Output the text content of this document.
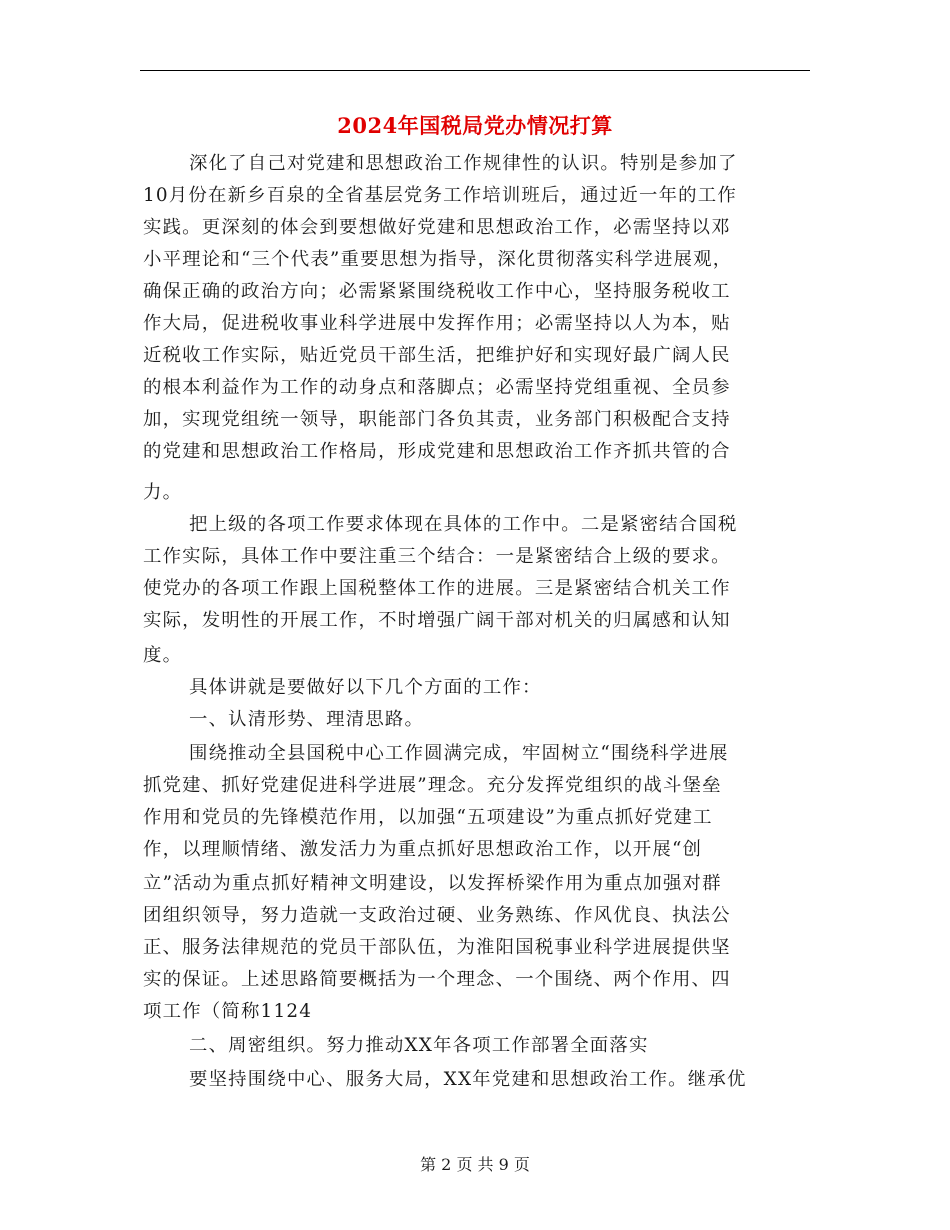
2024年国税局党办情况打算
深化了自己对党建和思想政治工作规律性的认识。特别是参加了
10月份在新乡百泉的全省基层党务工作培训班后，通过近一年的工作
实践。更深刻的体会到要想做好党建和思想政治工作，必需坚持以邓
小平理论和“三个代表”重要思想为指导，深化贯彻落实科学进展观，
确保正确的政治方向；必需紧紧围绕税收工作中心，坚持服务税收工
作大局，促进税收事业科学进展中发挥作用；必需坚持以人为本，贴
近税收工作实际，贴近党员干部生活，把维护好和实现好最广阔人民
的根本利益作为工作的动身点和落脚点；必需坚持党组重视、全员参
加，实现党组统一领导，职能部门各负其责，业务部门积极配合支持
的党建和思想政治工作格局，形成党建和思想政治工作齐抓共管的合
力。
把上级的各项工作要求体现在具体的工作中。二是紧密结合国税
工作实际，具体工作中要注重三个结合：一是紧密结合上级的要求。
使党办的各项工作跟上国税整体工作的进展。三是紧密结合机关工作
实际，发明性的开展工作，不时增强广阔干部对机关的归属感和认知
度。
具体讲就是要做好以下几个方面的工作：
一、认清形势、理清思路。
围绕推动全县国税中心工作圆满完成，牢固树立“围绕科学进展
抓党建、抓好党建促进科学进展”理念。充分发挥党组织的战斗堡垒
作用和党员的先锋模范作用，以加强“五项建设”为重点抓好党建工
作，以理顺情绪、激发活力为重点抓好思想政治工作，以开展“创
立”活动为重点抓好精神文明建设，以发挥桥梁作用为重点加强对群
团组织领导，努力造就一支政治过硬、业务熟练、作风优良、执法公
正、服务法律规范的党员干部队伍，为淮阳国税事业科学进展提供坚
实的保证。上述思路简要概括为一个理念、一个围绕、两个作用、四
项工作（简称1124
二、周密组织。努力推动XX年各项工作部署全面落实
要坚持围绕中心、服务大局，XX年党建和思想政治工作。继承优
第 2 页 共 9 页
